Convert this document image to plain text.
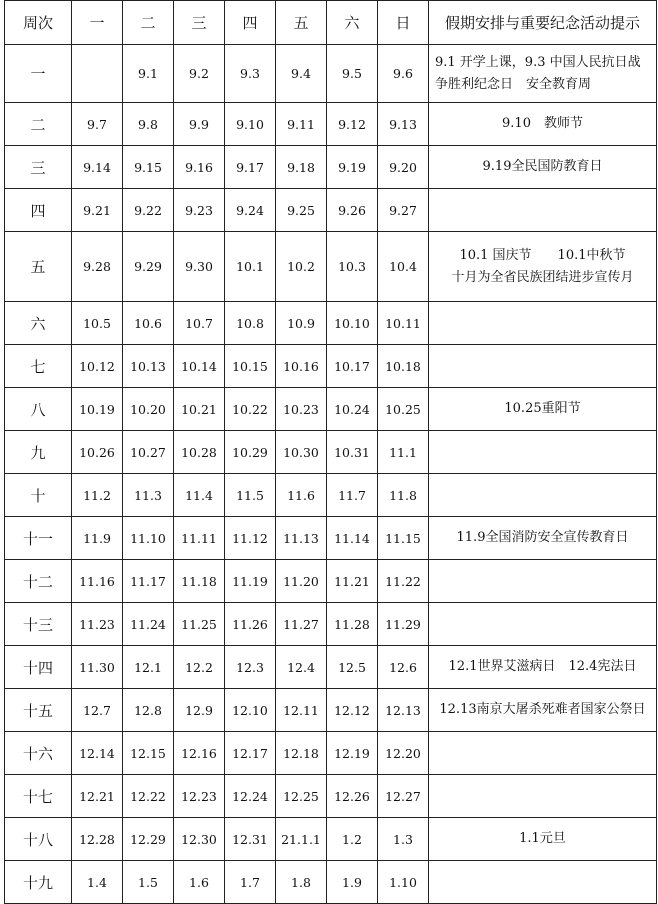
周次	一	二	三	四	五	六	日	假期安排与重要纪念活动提示
一		9.1	9.2	9.3	9.4	9.5	9.6	9.1 开学上课，9.3 中国人民抗日战
争胜利纪念日　安全教育周

二	9.7	9.8	9.9	9.10	9.11	9.12	9.13	9.10　教师节

三	9.14	9.15	9.16	9.17	9.18	9.19	9.20	9.19全民国防教育日

四	9.21	9.22	9.23	9.24	9.25	9.26	9.27	

五	9.28	9.29	9.30	10.1	10.2	10.3	10.4	10.1 国庆节　　10.1中秋节
十月为全省民族团结进步宣传月

六	10.5	10.6	10.7	10.8	10.9	10.10	10.11	

七	10.12	10.13	10.14	10.15	10.16	10.17	10.18	

八	10.19	10.20	10.21	10.22	10.23	10.24	10.25	10.25重阳节

九	10.26	10.27	10.28	10.29	10.30	10.31	11.1	

十	11.2	11.3	11.4	11.5	11.6	11.7	11.8	

十一	11.9	11.10	11.11	11.12	11.13	11.14	11.15	11.9全国消防安全宣传教育日

十二	11.16	11.17	11.18	11.19	11.20	11.21	11.22	

十三	11.23	11.24	11.25	11.26	11.27	11.28	11.29	

十四	11.30	12.1	12.2	12.3	12.4	12.5	12.6	12.1世界艾滋病日　12.4宪法日

十五	12.7	12.8	12.9	12.10	12.11	12.12	12.13	12.13南京大屠杀死难者国家公祭日

十六	12.14	12.15	12.16	12.17	12.18	12.19	12.20	

十七	12.21	12.22	12.23	12.24	12.25	12.26	12.27	

十八	12.28	12.29	12.30	12.31	21.1.1	1.2	1.3	1.1元旦

十九	1.4	1.5	1.6	1.7	1.8	1.9	1.10	
